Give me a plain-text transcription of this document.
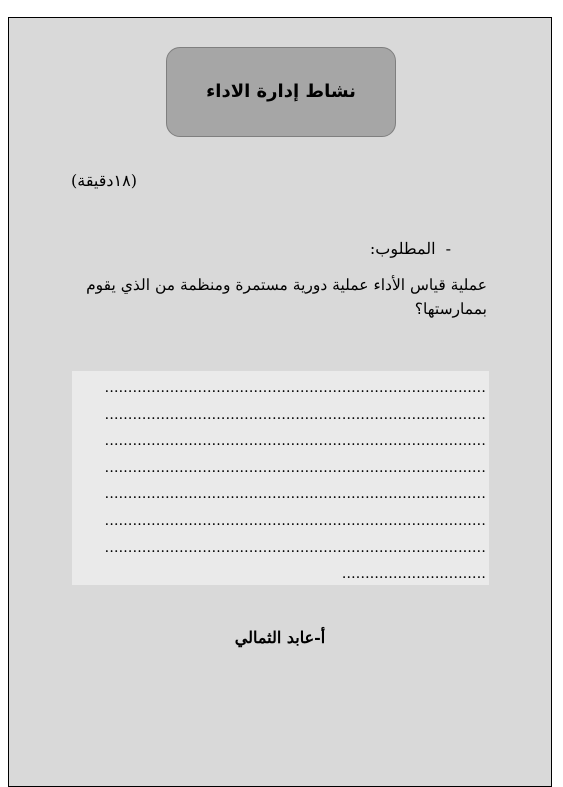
نشاط إدارة الاداء
(١٨دقيقة)
-
المطلوب:
عملية قياس الأداء عملية دورية مستمرة ومنظمة من الذي يقوم بممارستها؟
..................................................................................
..................................................................................
..................................................................................
..................................................................................
..................................................................................
..................................................................................
..................................................................................
...............................
أ-عابد الثمالي
